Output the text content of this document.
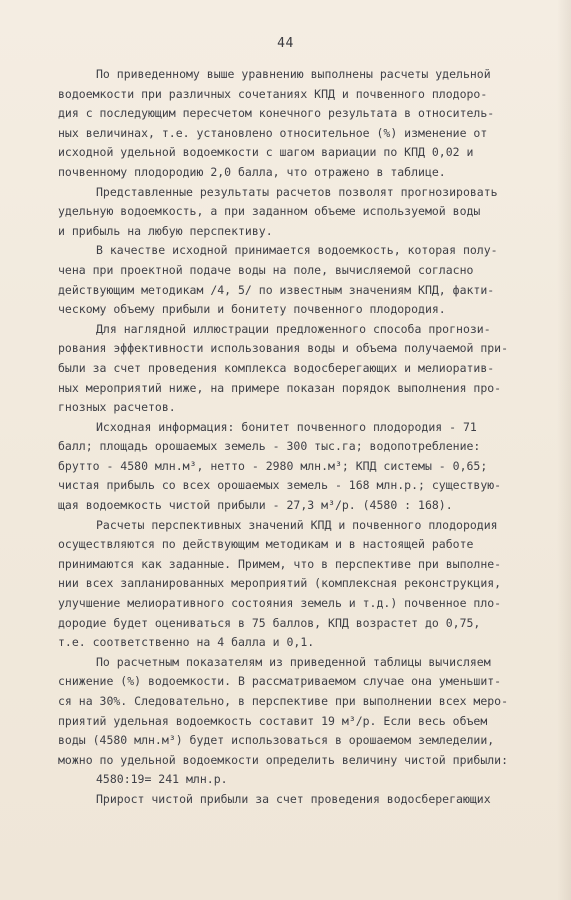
44
По приведенному выше уравнению выполнены расчеты удельной
водоемкости при различных сочетаниях КПД и почвенного плодоро-
дия с последующим пересчетом конечного результата в относитель-
ных величинах, т.е. установлено относительное (%) изменение от
исходной удельной водоемкости с шагом вариации по КПД 0,02 и
почвенному плодородию 2,0 балла, что отражено в таблице.
Представленные результаты расчетов позволят прогнозировать
удельную водоемкость, а при заданном объеме используемой воды
и прибыль на любую перспективу.
В качестве исходной принимается водоемкость, которая полу-
чена при проектной подаче воды на поле, вычисляемой согласно
действующим методикам /4, 5/ по известным значениям КПД, факти-
ческому объему прибыли и бонитету почвенного плодородия.
Для наглядной иллюстрации предложенного способа прогнози-
рования эффективности использования воды и объема получаемой при-
были за счет проведения комплекса водосберегающих и мелиоратив-
ных мероприятий ниже, на примере показан порядок выполнения про-
гнозных расчетов.
Исходная информация: бонитет почвенного плодородия - 71
балл; площадь орошаемых земель - 300 тыс.га; водопотребление:
брутто - 4580 млн.м³, нетто - 2980 млн.м³; КПД системы - 0,65;
чистая прибыль со всех орошаемых земель - 168 млн.р.; существую-
щая водоемкость чистой прибыли - 27,3 м³/р. (4580 : 168).
Расчеты перспективных значений КПД и почвенного плодородия
осуществляются по действующим методикам и в настоящей работе
принимаются как заданные. Примем, что в перспективе при выполне-
нии всех запланированных мероприятий (комплексная реконструкция,
улучшение мелиоративного состояния земель и т.д.) почвенное пло-
дородие будет оцениваться в 75 баллов, КПД возрастет до 0,75,
т.е. соответственно на 4 балла и 0,1.
По расчетным показателям из приведенной таблицы вычисляем
снижение (%) водоемкости. В рассматриваемом случае она уменьшит-
ся на 30%. Следовательно, в перспективе при выполнении всех меро-
приятий удельная водоемкость составит 19 м³/р. Если весь объем
воды (4580 млн.м³) будет использоваться в орошаемом земледелии,
можно по удельной водоемкости определить величину чистой прибыли:
4580:19= 241 млн.р.
Прирост чистой прибыли за счет проведения водосберегающих
